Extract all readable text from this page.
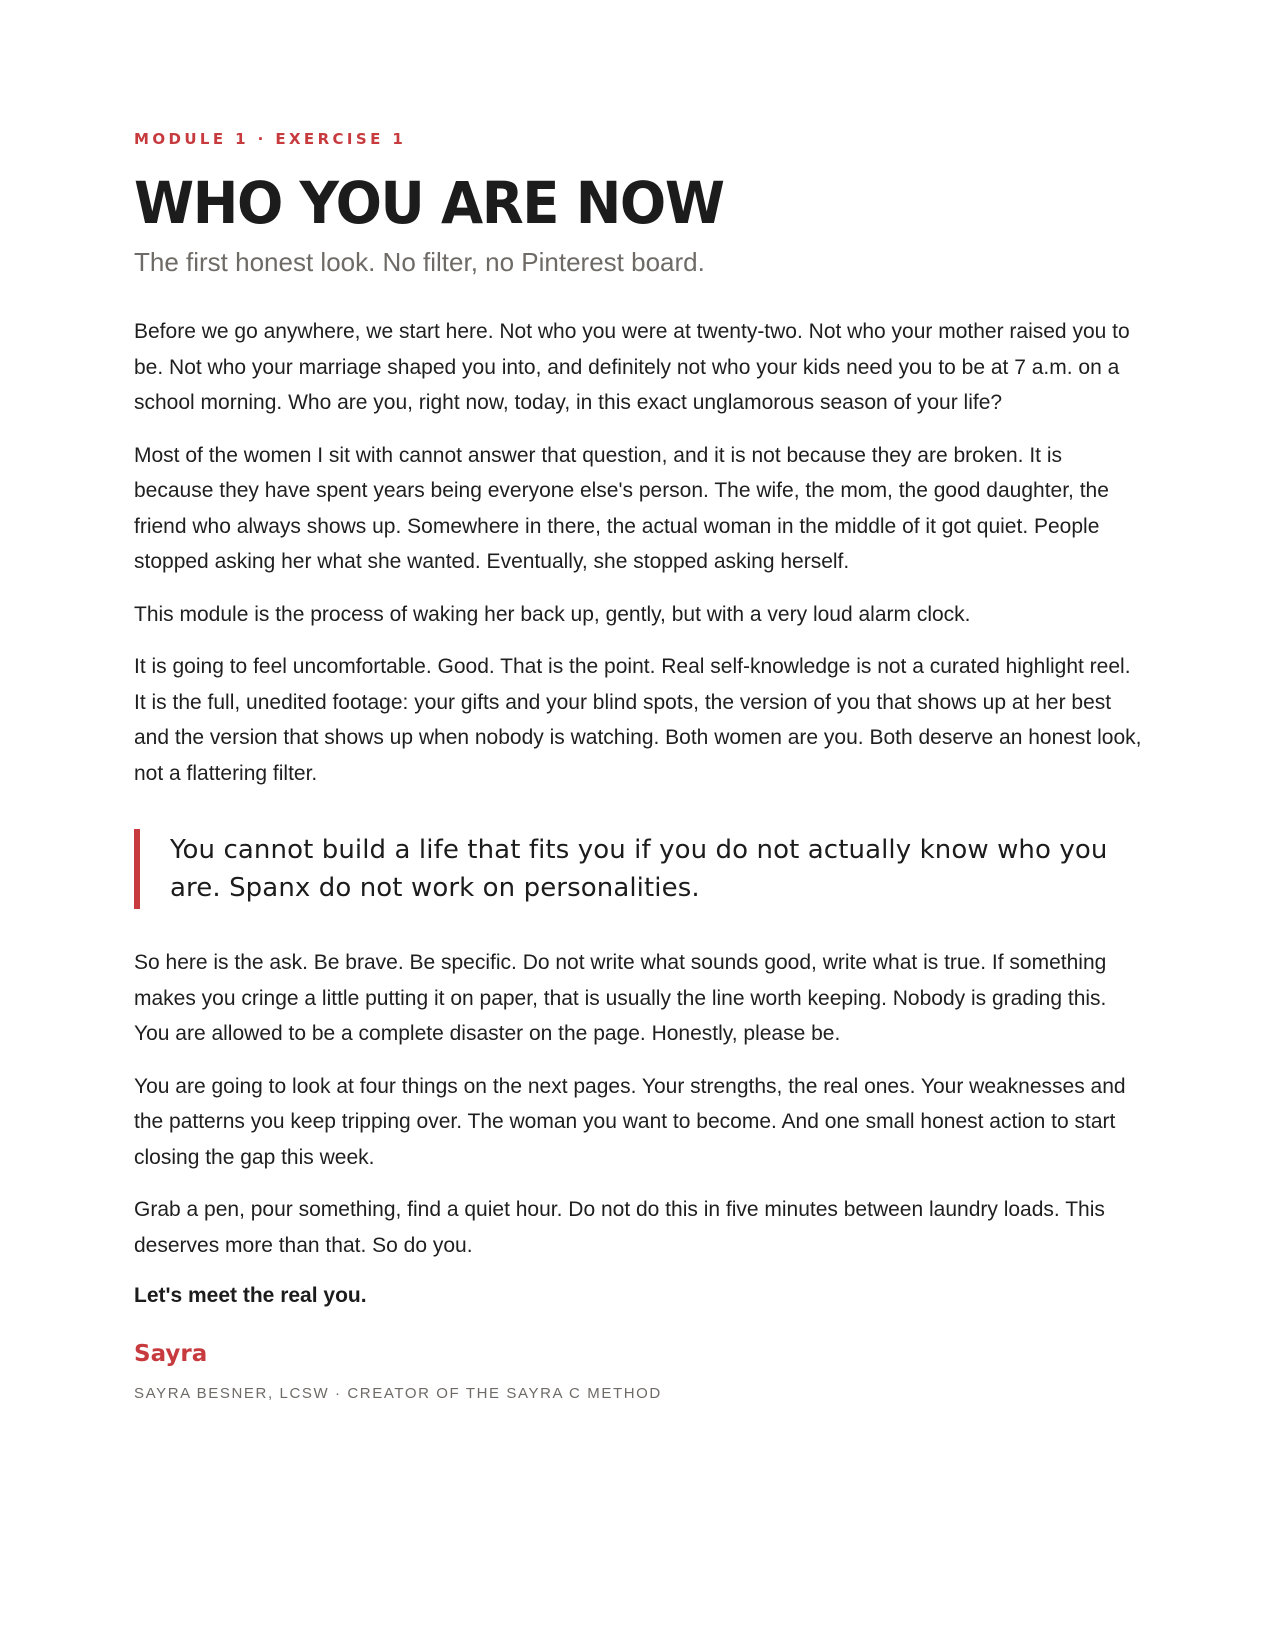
MODULE 1 · EXERCISE 1

WHO YOU ARE NOW

The first honest look. No filter, no Pinterest board.

Before we go anywhere, we start here. Not who you were at twenty-two. Not who your mother raised you to be. Not who your marriage shaped you into, and definitely not who your kids need you to be at 7 a.m. on a school morning. Who are you, right now, today, in this exact unglamorous season of your life?

Most of the women I sit with cannot answer that question, and it is not because they are broken. It is because they have spent years being everyone else's person. The wife, the mom, the good daughter, the friend who always shows up. Somewhere in there, the actual woman in the middle of it got quiet. People stopped asking her what she wanted. Eventually, she stopped asking herself.

This module is the process of waking her back up, gently, but with a very loud alarm clock.

It is going to feel uncomfortable. Good. That is the point. Real self-knowledge is not a curated highlight reel. It is the full, unedited footage: your gifts and your blind spots, the version of you that shows up at her best and the version that shows up when nobody is watching. Both women are you. Both deserve an honest look, not a flattering filter.

You cannot build a life that fits you if you do not actually know who you are. Spanx do not work on personalities.

So here is the ask. Be brave. Be specific. Do not write what sounds good, write what is true. If something makes you cringe a little putting it on paper, that is usually the line worth keeping. Nobody is grading this. You are allowed to be a complete disaster on the page. Honestly, please be.

You are going to look at four things on the next pages. Your strengths, the real ones. Your weaknesses and the patterns you keep tripping over. The woman you want to become. And one small honest action to start closing the gap this week.

Grab a pen, pour something, find a quiet hour. Do not do this in five minutes between laundry loads. This deserves more than that. So do you.

Let's meet the real you.

Sayra

SAYRA BESNER, LCSW · CREATOR OF THE SAYRA C METHOD
